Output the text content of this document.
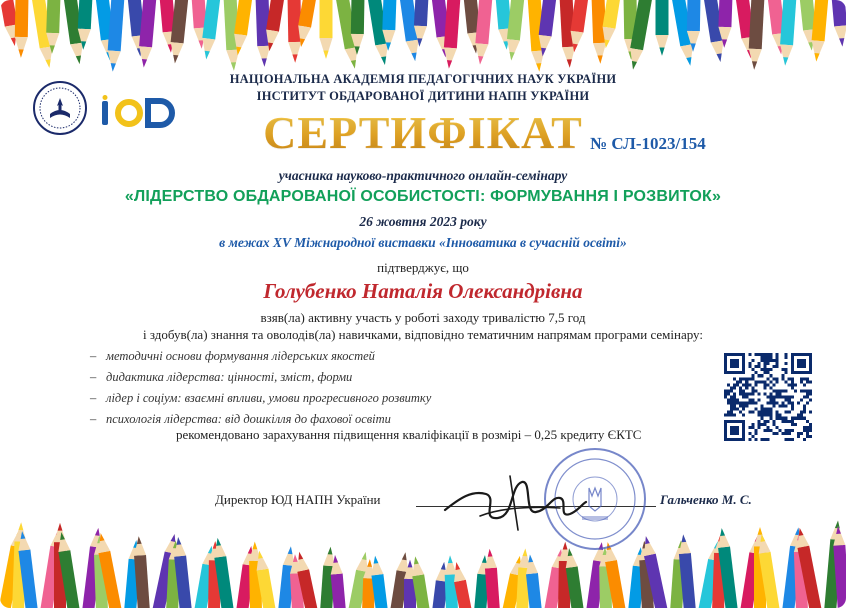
НАЦІОНАЛЬНА АКАДЕМІЯ ПЕДАГОГІЧНИХ НАУК УКРАЇНИ
ІНСТИТУТ ОБДАРОВАНОЇ ДИТИНИ НАПН УКРАЇНИ
СЕРТИФІКАТ № СЛ-1023/154
учасника науково-практичного онлайн-семінару
«ЛІДЕРСТВО ОБДАРОВАНОЇ ОСОБИСТОСТІ: ФОРМУВАННЯ І РОЗВИТОК»
26 жовтня 2023 року
в межах XV Міжнародної виставки «Інноватика в сучасній освіті»
підтверджує, що
Голубенко Наталія Олександрівна
взяв(ла) активну участь у роботі заходу тривалістю 7,5 год
і здобув(ла) знання та оволодів(ла) навичками, відповідно тематичним напрямам програми семінару:
– методичні основи формування лідерських якостей
– дидактика лідерства: цінності, зміст, форми
– лідер і соціум: взаємні впливи, умови прогресивного розвитку
– психологія лідерства: від дошкілля до фахової освіти
рекомендовано зарахування підвищення кваліфікації в розмірі – 0,25 кредиту ЄКТС
Директор ЮД НАПН України	Гальченко М. С.
